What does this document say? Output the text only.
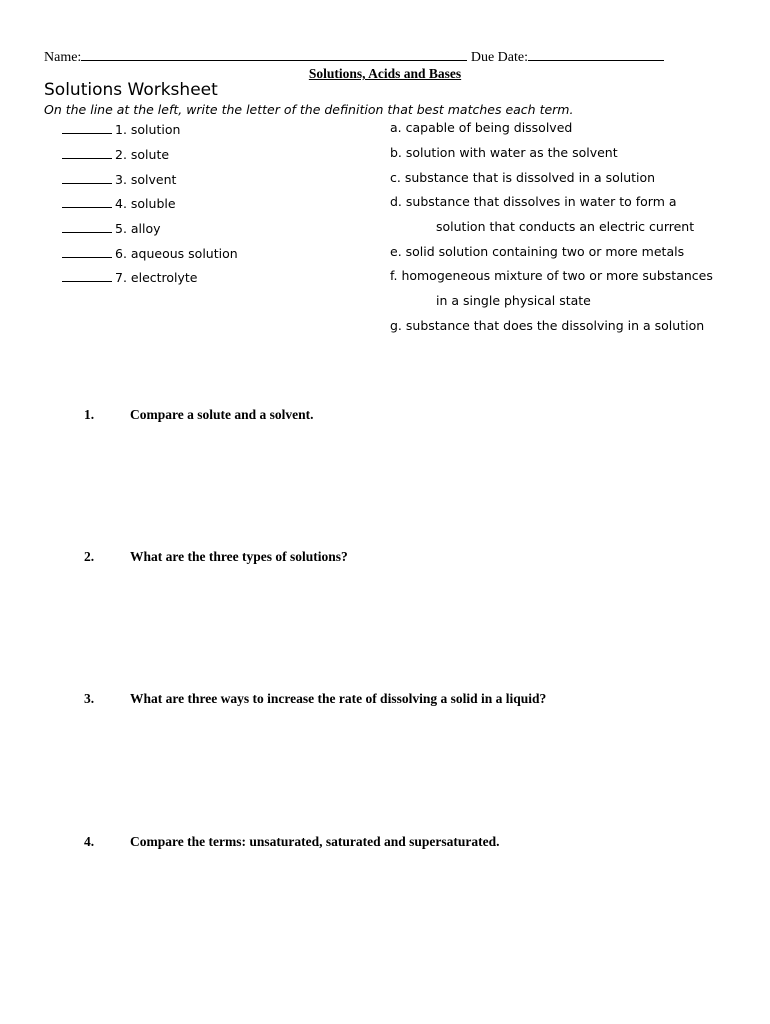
Name:	Due Date:
Solutions, Acids and Bases
Solutions Worksheet
On the line at the left, write the letter of the definition that best matches each term.
1. solution
2. solute
3. solvent
4. soluble
5. alloy
6. aqueous solution
7. electrolyte
a. capable of being dissolved
b. solution with water as the solvent
c. substance that is dissolved in a solution
d. substance that dissolves in water to form a
solution that conducts an electric current
e. solid solution containing two or more metals
f. homogeneous mixture of two or more substances
in a single physical state
g. substance that does the dissolving in a solution
1.	Compare a solute and a solvent.
2.	What are the three types of solutions?
3.	What are three ways to increase the rate of dissolving a solid in a liquid?
4.	Compare the terms: unsaturated, saturated and supersaturated.
